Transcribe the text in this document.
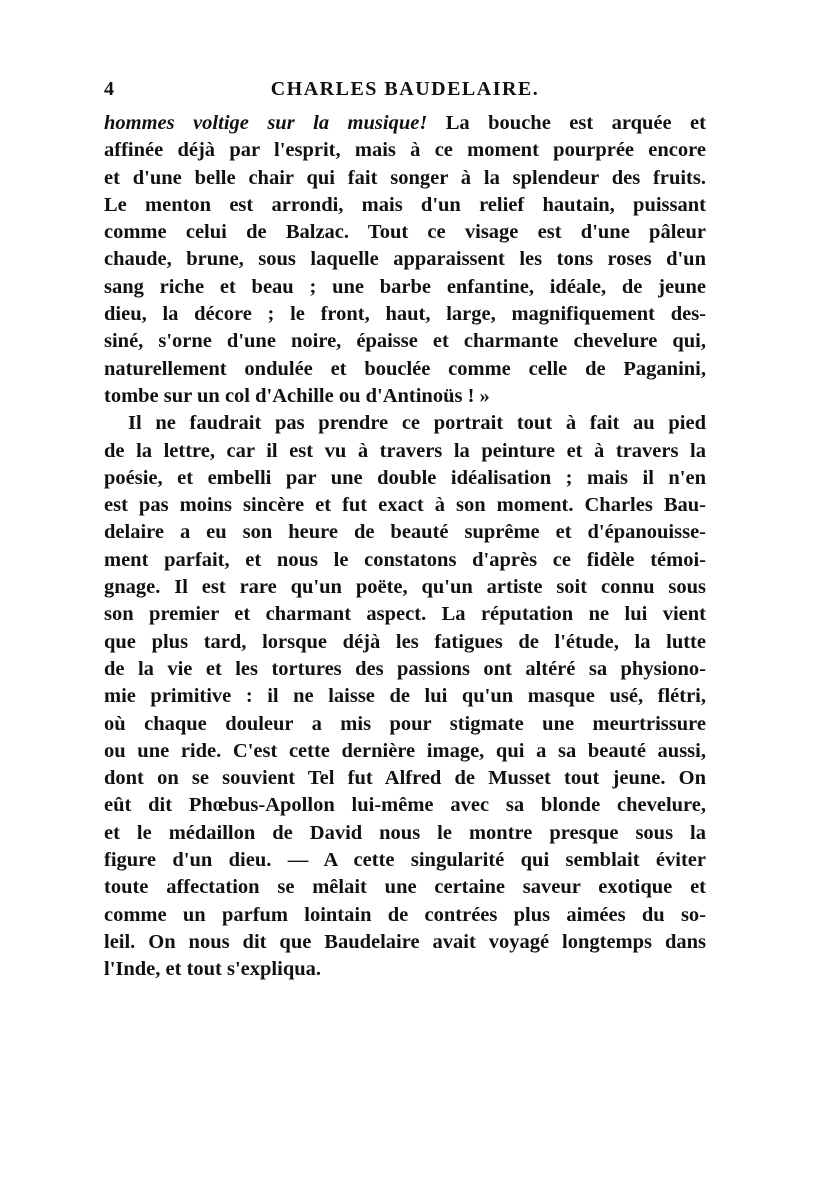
4	CHARLES BAUDELAIRE.
hommes voltige sur la musique! La bouche est arquée et
affinée déjà par l'esprit, mais à ce moment pourprée encore
et d'une belle chair qui fait songer à la splendeur des fruits.
Le menton est arrondi, mais d'un relief hautain, puissant
comme celui de Balzac. Tout ce visage est d'une pâleur
chaude, brune, sous laquelle apparaissent les tons roses d'un
sang riche et beau ; une barbe enfantine, idéale, de jeune
dieu, la décore ; le front, haut, large, magnifiquement des-
siné, s'orne d'une noire, épaisse et charmante chevelure qui,
naturellement ondulée et bouclée comme celle de Paganini,
tombe sur un col d'Achille ou d'Antinoüs ! »
Il ne faudrait pas prendre ce portrait tout à fait au pied
de la lettre, car il est vu à travers la peinture et à travers la
poésie, et embelli par une double idéalisation ; mais il n'en
est pas moins sincère et fut exact à son moment. Charles Bau-
delaire a eu son heure de beauté suprême et d'épanouisse-
ment parfait, et nous le constatons d'après ce fidèle témoi-
gnage. Il est rare qu'un poëte, qu'un artiste soit connu sous
son premier et charmant aspect. La réputation ne lui vient
que plus tard, lorsque déjà les fatigues de l'étude, la lutte
de la vie et les tortures des passions ont altéré sa physiono-
mie primitive : il ne laisse de lui qu'un masque usé, flétri,
où chaque douleur a mis pour stigmate une meurtrissure
ou une ride. C'est cette dernière image, qui a sa beauté aussi,
dont on se souvient Tel fut Alfred de Musset tout jeune. On
eût dit Phœbus-Apollon lui-même avec sa blonde chevelure,
et le médaillon de David nous le montre presque sous la
figure d'un dieu. — A cette singularité qui semblait éviter
toute affectation se mêlait une certaine saveur exotique et
comme un parfum lointain de contrées plus aimées du so-
leil. On nous dit que Baudelaire avait voyagé longtemps dans
l'Inde, et tout s'expliqua.
